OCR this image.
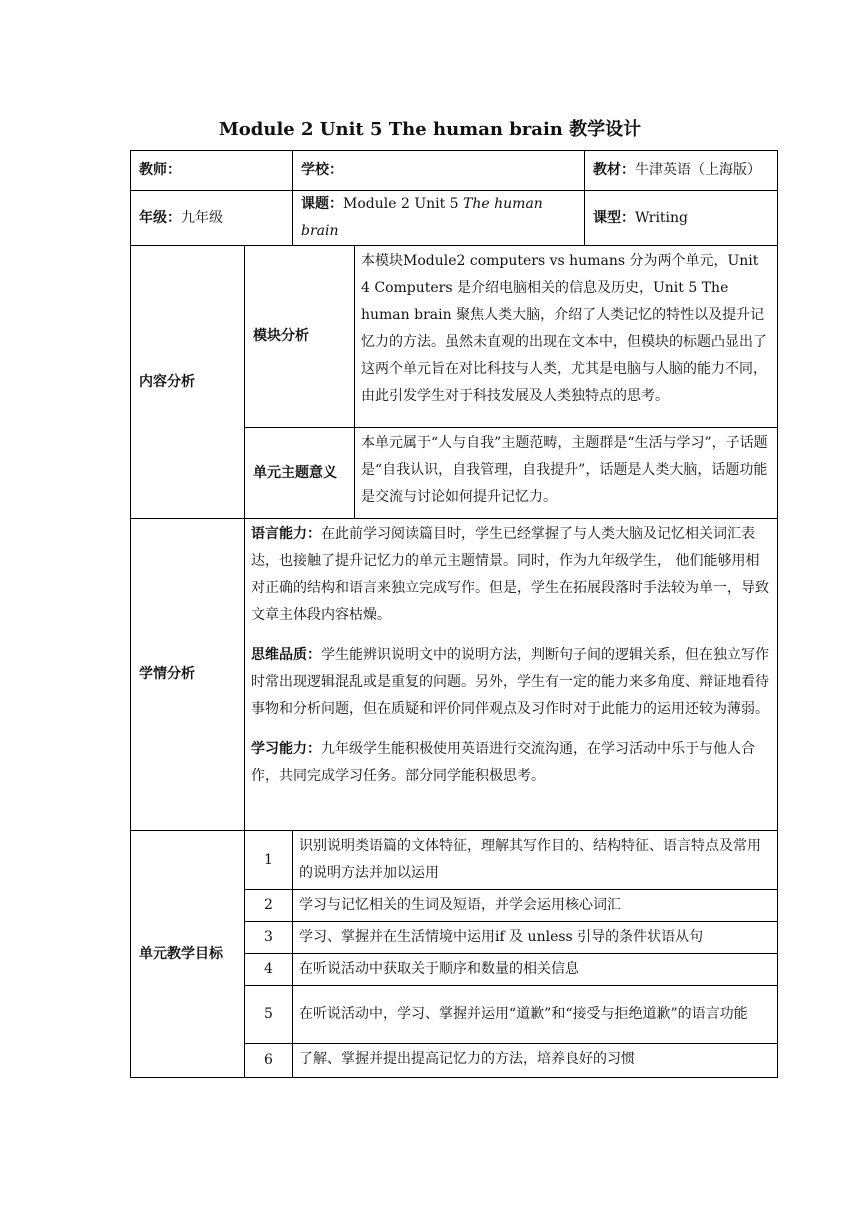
Module 2 Unit 5 The human brain 教学设计
教师：		学校：		教材：牛津英语（上海版）
年级：九年级		课题：Module 2 Unit 5 The human brain		课型：Writing
内容分析	模块分析		本模块Module2 computers vs humans 分为两个单元，Unit 4 Computers 是介绍电脑相关的信息及历史，Unit 5 The human brain 聚焦人类大脑，介绍了人类记忆的特性以及提升记忆力的方法。虽然未直观的出现在文本中，但模块的标题凸显出了这两个单元旨在对比科技与人类，尤其是电脑与人脑的能力不同，由此引发学生对于科技发展及人类独特点的思考。	
	单元主题意义		本单元属于“人与自我”主题范畴，主题群是“生活与学习”，子话题是“自我认识，自我管理，自我提升”，话题是人类大脑，话题功能是交流与讨论如何提升记忆力。	
学情分析	语言能力：在此前学习阅读篇目时，学生已经掌握了与人类大脑及记忆相关词汇表达，也接触了提升记忆力的单元主题情景。同时，作为九年级学生， 他们能够用相对正确的结构和语言来独立完成写作。但是，学生在拓展段落时手法较为单一，导致文章主体段内容枯燥。
思维品质：学生能辨识说明文中的说明方法，判断句子间的逻辑关系，但在独立写作时常出现逻辑混乱或是重复的问题。另外，学生有一定的能力来多角度、辩证地看待事物和分析问题，但在质疑和评价同伴观点及习作时对于此能力的运用还较为薄弱。
学习能力：九年级学生能积极使用英语进行交流沟通，在学习活动中乐于与他人合作，共同完成学习任务。部分同学能积极思考。			

单元教学目标	1	识别说明类语篇的文体特征，理解其写作目的、结构特征、语言特点及常用的说明方法并加以运用		
	2	学习与记忆相关的生词及短语，并学会运用核心词汇		
	3	学习、掌握并在生活情境中运用if 及 unless 引导的条件状语从句		
	4	在听说活动中获取关于顺序和数量的相关信息		
	5	在听说活动中，学习、掌握并运用“道歉”和“接受与拒绝道歉”的语言功能		
	6	了解、掌握并提出提高记忆力的方法，培养良好的习惯		
